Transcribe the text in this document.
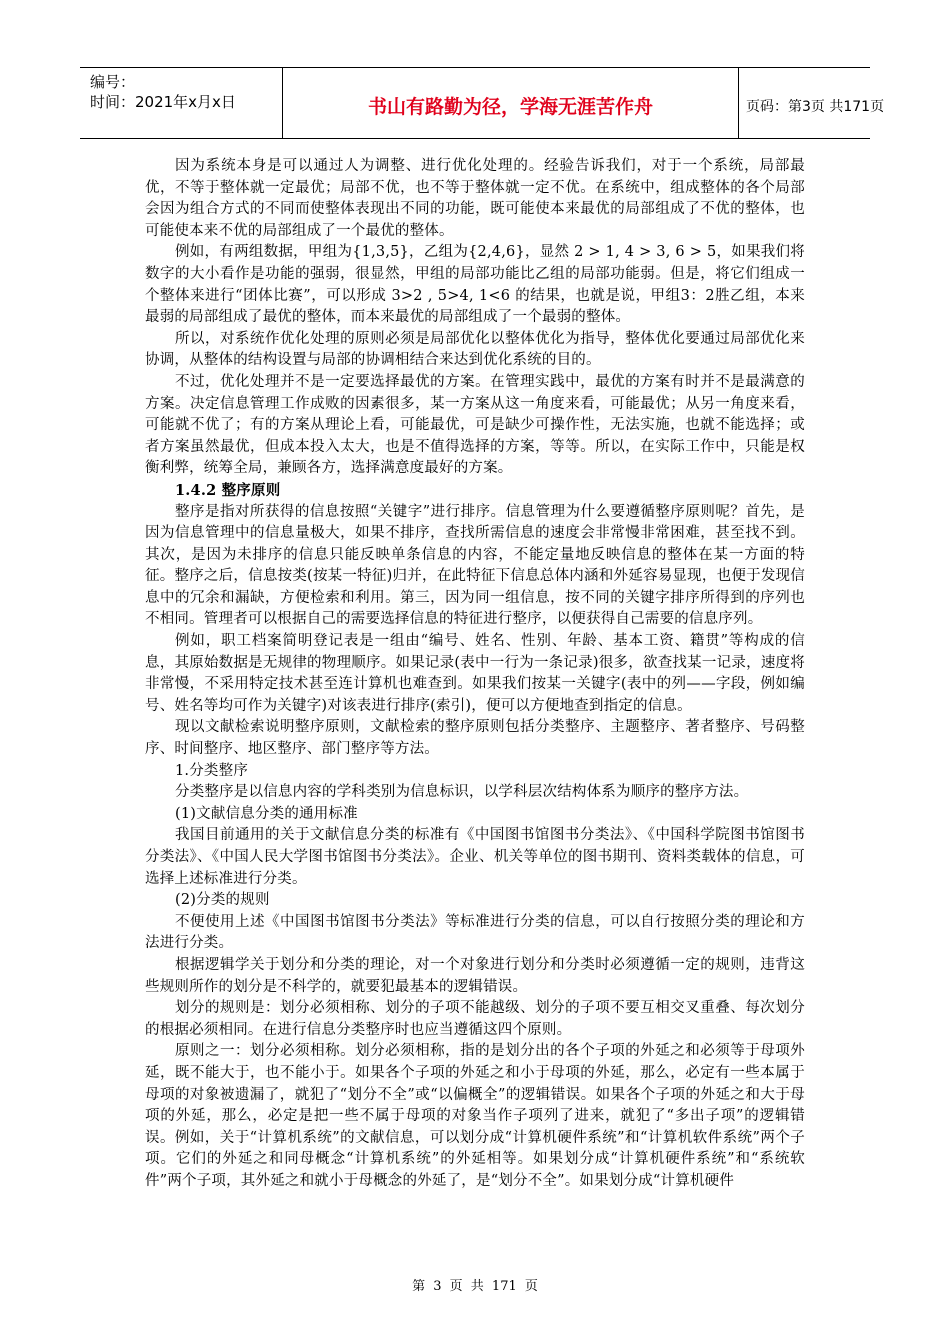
编号：
时间：2021年x月x日	书山有路勤为径，学海无涯苦作舟	页码：第3页 共171页

因为系统本身是可以通过人为调整、进行优化处理的。经验告诉我们，对于一个系统，局部最优，不等于整体就一定最优；局部不优，也不等于整体就一定不优。在系统中，组成整体的各个局部会因为组合方式的不同而使整体表现出不同的功能，既可能使本来最优的局部组成了不优的整体，也可能使本来不优的局部组成了一个最优的整体。

例如，有两组数据，甲组为{1,3,5}，乙组为{2,4,6}，显然 2 > 1, 4 > 3, 6 > 5，如果我们将数字的大小看作是功能的强弱，很显然，甲组的局部功能比乙组的局部功能弱。但是，将它们组成一个整体来进行“团体比赛”，可以形成 3>2 , 5>4, 1<6 的结果，也就是说，甲组3：2胜乙组，本来最弱的局部组成了最优的整体，而本来最优的局部组成了一个最弱的整体。

所以，对系统作优化处理的原则必须是局部优化以整体优化为指导，整体优化要通过局部优化来协调，从整体的结构设置与局部的协调相结合来达到优化系统的目的。

不过，优化处理并不是一定要选择最优的方案。在管理实践中，最优的方案有时并不是最满意的方案。决定信息管理工作成败的因素很多，某一方案从这一角度来看，可能最优；从另一角度来看，可能就不优了；有的方案从理论上看，可能最优，可是缺少可操作性，无法实施，也就不能选择；或者方案虽然最优，但成本投入太大，也是不值得选择的方案，等等。所以，在实际工作中，只能是权衡利弊，统筹全局，兼顾各方，选择满意度最好的方案。

1.4.2 整序原则

整序是指对所获得的信息按照“关键字”进行排序。信息管理为什么要遵循整序原则呢？首先，是因为信息管理中的信息量极大，如果不排序，查找所需信息的速度会非常慢非常困难，甚至找不到。其次，是因为未排序的信息只能反映单条信息的内容，不能定量地反映信息的整体在某一方面的特征。整序之后，信息按类(按某一特征)归并，在此特征下信息总体内涵和外延容易显现，也便于发现信息中的冗余和漏缺，方便检索和利用。第三，因为同一组信息，按不同的关键字排序所得到的序列也不相同。管理者可以根据自己的需要选择信息的特征进行整序，以便获得自己需要的信息序列。

例如，职工档案简明登记表是一组由“编号、姓名、性别、年龄、基本工资、籍贯”等构成的信息，其原始数据是无规律的物理顺序。如果记录(表中一行为一条记录)很多，欲查找某一记录，速度将非常慢，不采用特定技术甚至连计算机也难查到。如果我们按某一关键字(表中的列——字段，例如编号、姓名等均可作为关键字)对该表进行排序(索引)，便可以方便地查到指定的信息。

现以文献检索说明整序原则，文献检索的整序原则包括分类整序、主题整序、著者整序、号码整序、时间整序、地区整序、部门整序等方法。

1.分类整序

分类整序是以信息内容的学科类别为信息标识，以学科层次结构体系为顺序的整序方法。

(1)文献信息分类的通用标准

我国目前通用的关于文献信息分类的标准有《中国图书馆图书分类法》、《中国科学院图书馆图书分类法》、《中国人民大学图书馆图书分类法》。企业、机关等单位的图书期刊、资料类载体的信息，可选择上述标准进行分类。

(2)分类的规则

不便使用上述《中国图书馆图书分类法》等标准进行分类的信息，可以自行按照分类的理论和方法进行分类。

根据逻辑学关于划分和分类的理论，对一个对象进行划分和分类时必须遵循一定的规则，违背这些规则所作的划分是不科学的，就要犯最基本的逻辑错误。

划分的规则是：划分必须相称、划分的子项不能越级、划分的子项不要互相交叉重叠、每次划分的根据必须相同。在进行信息分类整序时也应当遵循这四个原则。

原则之一：划分必须相称。划分必须相称，指的是划分出的各个子项的外延之和必须等于母项外延，既不能大于，也不能小于。如果各个子项的外延之和小于母项的外延，那么，必定有一些本属于母项的对象被遗漏了，就犯了“划分不全”或“以偏概全”的逻辑错误。如果各个子项的外延之和大于母项的外延，那么，必定是把一些不属于母项的对象当作子项列了进来，就犯了“多出子项”的逻辑错误。例如，关于“计算机系统”的文献信息，可以划分成“计算机硬件系统”和“计算机软件系统”两个子项。它们的外延之和同母概念“计算机系统”的外延相等。如果划分成“计算机硬件系统”和“系统软件”两个子项，其外延之和就小于母概念的外延了，是“划分不全”。如果划分成“计算机硬件

第 3 页 共 171 页
